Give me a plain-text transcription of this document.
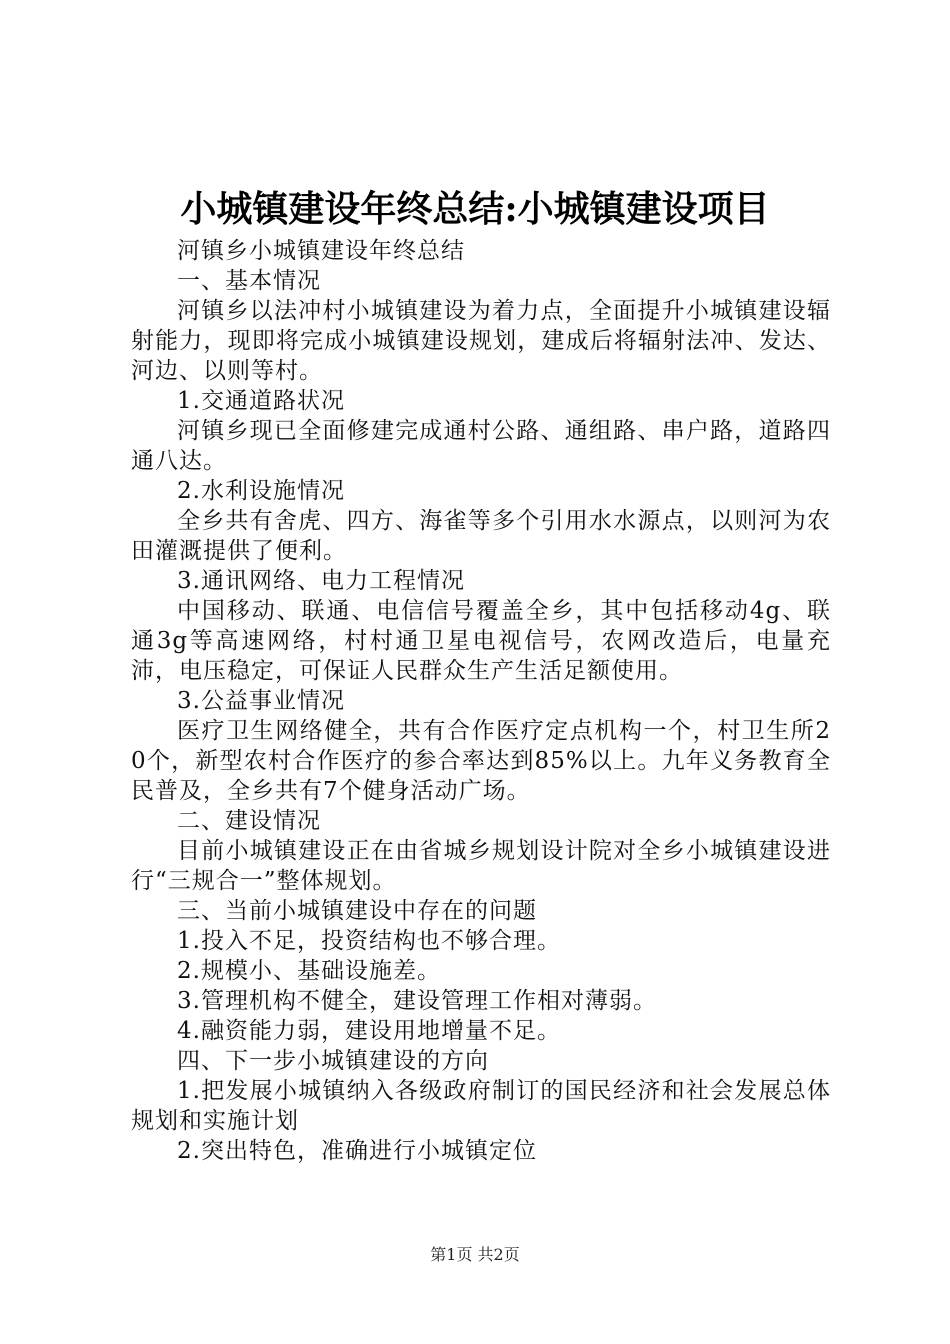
小城镇建设年终总结:小城镇建设项目

河镇乡小城镇建设年终总结

一、基本情况

河镇乡以法冲村小城镇建设为着力点，全面提升小城镇建设辐射能力，现即将完成小城镇建设规划，建成后将辐射法冲、发达、河边、以则等村。

1.交通道路状况

河镇乡现已全面修建完成通村公路、通组路、串户路，道路四通八达。

2.水利设施情况

全乡共有舍虎、四方、海雀等多个引用水水源点，以则河为农田灌溉提供了便利。

3.通讯网络、电力工程情况

中国移动、联通、电信信号覆盖全乡，其中包括移动4g、联通3g等高速网络，村村通卫星电视信号，农网改造后，电量充沛，电压稳定，可保证人民群众生产生活足额使用。

3.公益事业情况

医疗卫生网络健全，共有合作医疗定点机构一个，村卫生所20个，新型农村合作医疗的参合率达到85%以上。九年义务教育全民普及，全乡共有7个健身活动广场。

二、建设情况

目前小城镇建设正在由省城乡规划设计院对全乡小城镇建设进行“三规合一”整体规划。

三、当前小城镇建设中存在的问题

1.投入不足，投资结构也不够合理。

2.规模小、基础设施差。

3.管理机构不健全，建设管理工作相对薄弱。

4.融资能力弱，建设用地增量不足。

四、下一步小城镇建设的方向

1.把发展小城镇纳入各级政府制订的国民经济和社会发展总体规划和实施计划

2.突出特色，准确进行小城镇定位

第1页 共2页
